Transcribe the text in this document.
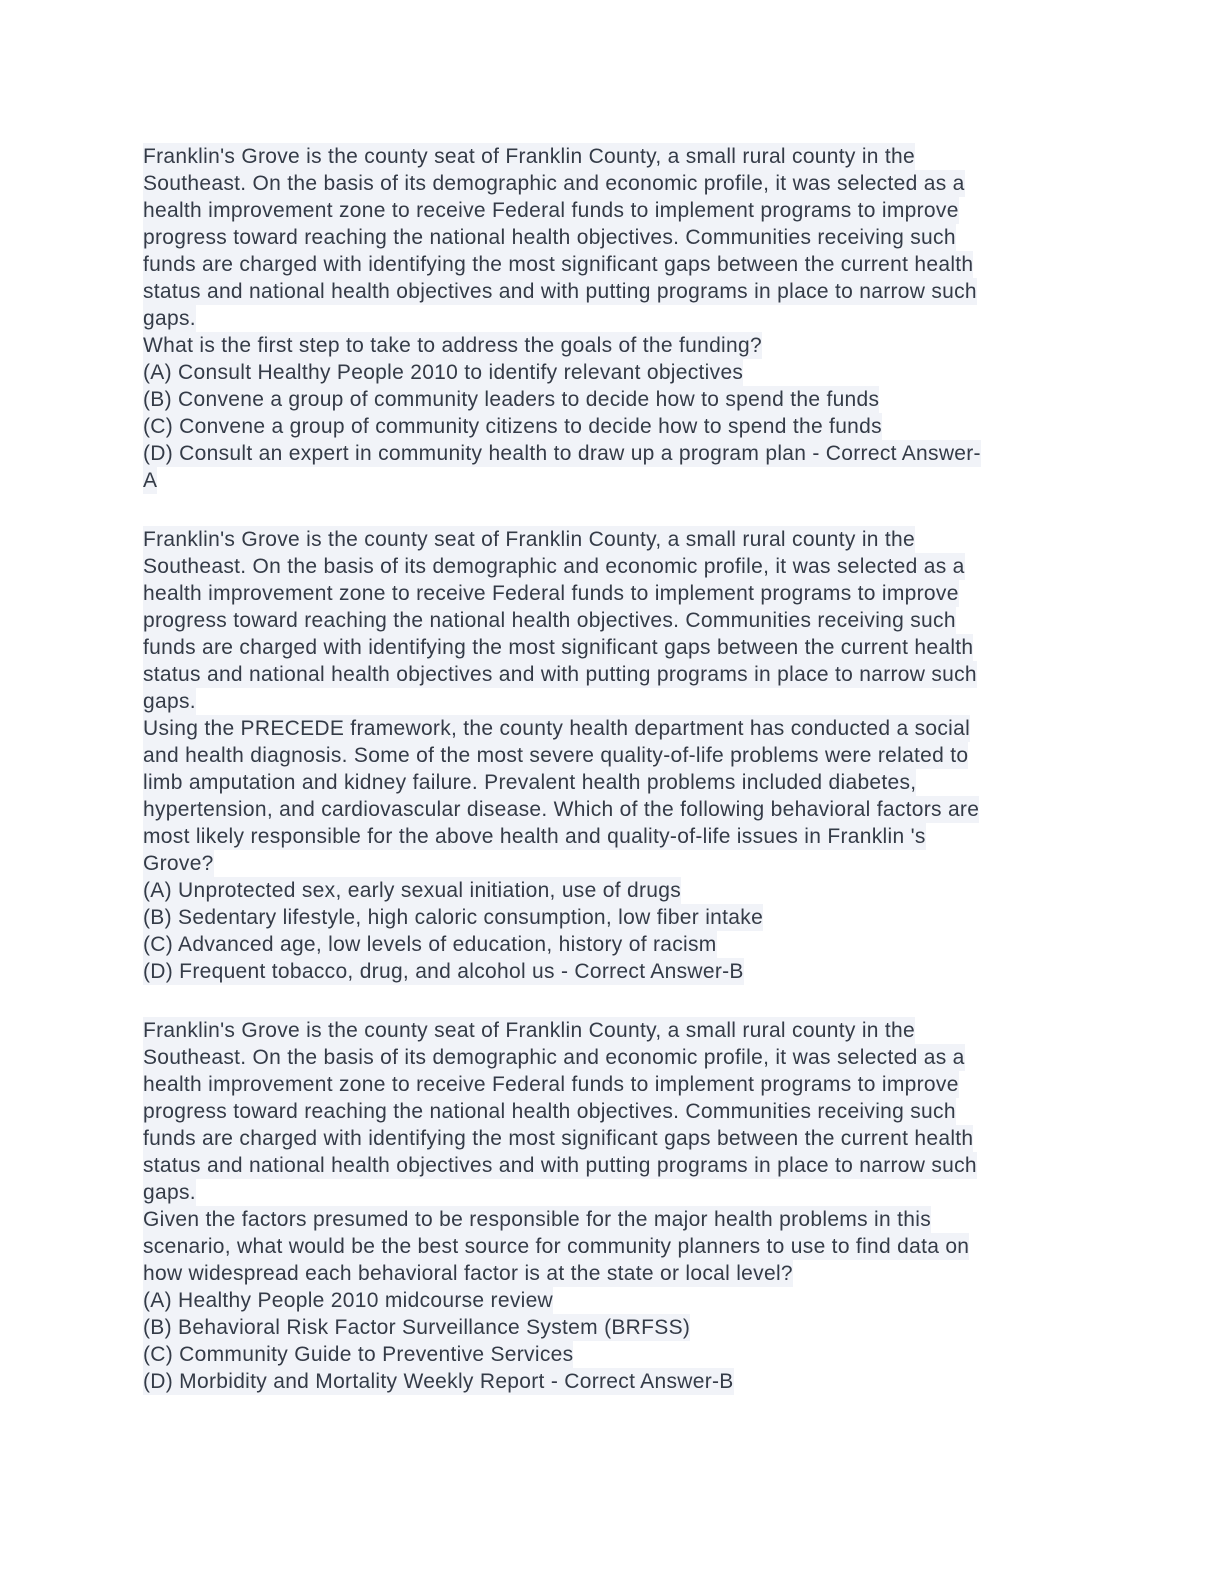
Franklin's Grove is the county seat of Franklin County, a small rural county in the Southeast. On the basis of its demographic and economic profile, it was selected as a health improvement zone to receive Federal funds to implement programs to improve progress toward reaching the national health objectives. Communities receiving such funds are charged with identifying the most significant gaps between the current health status and national health objectives and with putting programs in place to narrow such gaps.
What is the first step to take to address the goals of the funding?
(A) Consult Healthy People 2010 to identify relevant objectives
(B) Convene a group of community leaders to decide how to spend the funds
(C) Convene a group of community citizens to decide how to spend the funds
(D) Consult an expert in community health to draw up a program plan - Correct Answer-A
Franklin's Grove is the county seat of Franklin County, a small rural county in the Southeast. On the basis of its demographic and economic profile, it was selected as a health improvement zone to receive Federal funds to implement programs to improve progress toward reaching the national health objectives. Communities receiving such funds are charged with identifying the most significant gaps between the current health status and national health objectives and with putting programs in place to narrow such gaps.
Using the PRECEDE framework, the county health department has conducted a social and health diagnosis. Some of the most severe quality-of-life problems were related to limb amputation and kidney failure. Prevalent health problems included diabetes, hypertension, and cardiovascular disease. Which of the following behavioral factors are most likely responsible for the above health and quality-of-life issues in Franklin 's Grove?
(A) Unprotected sex, early sexual initiation, use of drugs
(B) Sedentary lifestyle, high caloric consumption, low fiber intake
(C) Advanced age, low levels of education, history of racism
(D) Frequent tobacco, drug, and alcohol us - Correct Answer-B
Franklin's Grove is the county seat of Franklin County, a small rural county in the Southeast. On the basis of its demographic and economic profile, it was selected as a health improvement zone to receive Federal funds to implement programs to improve progress toward reaching the national health objectives. Communities receiving such funds are charged with identifying the most significant gaps between the current health status and national health objectives and with putting programs in place to narrow such gaps.
Given the factors presumed to be responsible for the major health problems in this scenario, what would be the best source for community planners to use to find data on how widespread each behavioral factor is at the state or local level?
(A) Healthy People 2010 midcourse review
(B) Behavioral Risk Factor Surveillance System (BRFSS)
(C) Community Guide to Preventive Services
(D) Morbidity and Mortality Weekly Report - Correct Answer-B
